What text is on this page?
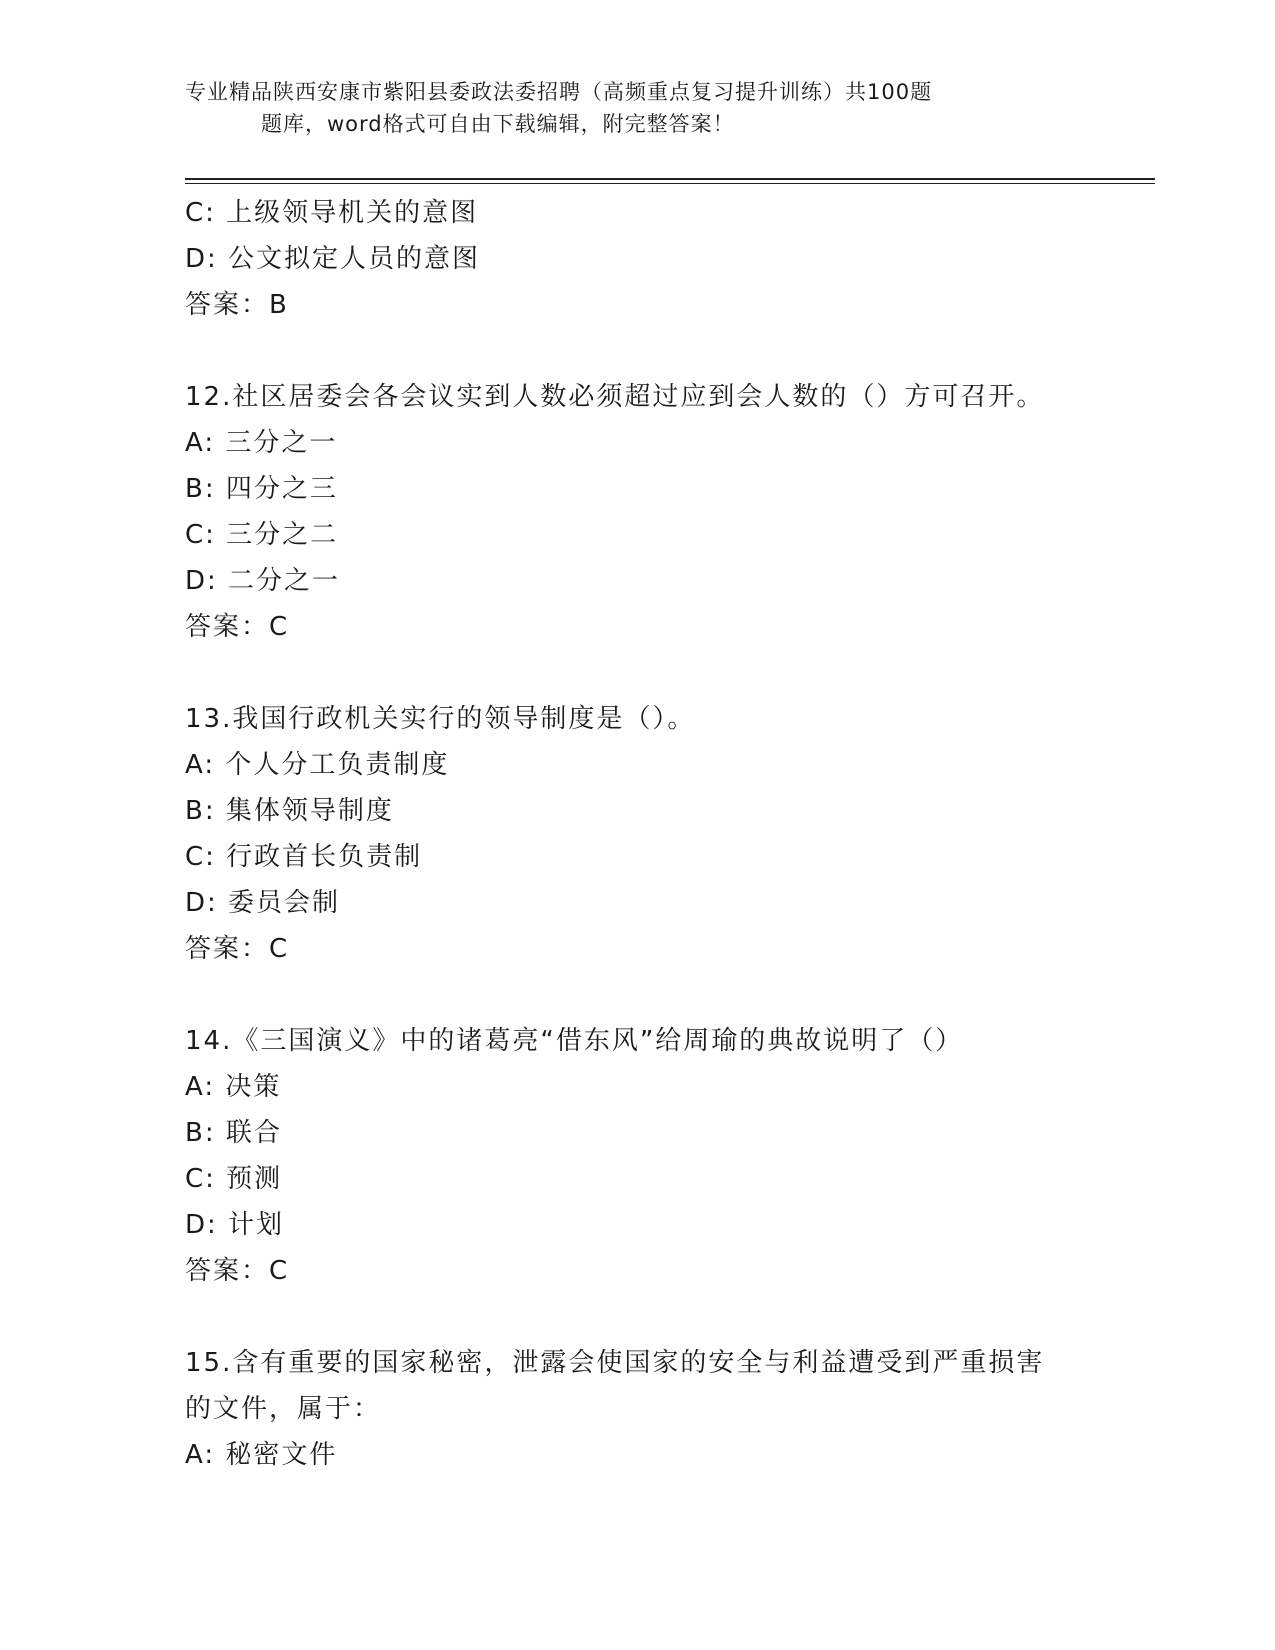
专业精品陕西安康市紫阳县委政法委招聘（高频重点复习提升训练）共100题
题库，word格式可自由下载编辑，附完整答案！
C: 上级领导机关的意图
D: 公文拟定人员的意图
答案：B
12.社区居委会各会议实到人数必须超过应到会人数的（）方可召开。
A: 三分之一
B: 四分之三
C: 三分之二
D: 二分之一
答案：C
13.我国行政机关实行的领导制度是（）。
A: 个人分工负责制度
B: 集体领导制度
C: 行政首长负责制
D: 委员会制
答案：C
14.《三国演义》中的诸葛亮“借东风”给周瑜的典故说明了（）
A: 决策
B: 联合
C: 预测
D: 计划
答案：C
15.含有重要的国家秘密，泄露会使国家的安全与利益遭受到严重损害
的文件，属于：
A: 秘密文件
